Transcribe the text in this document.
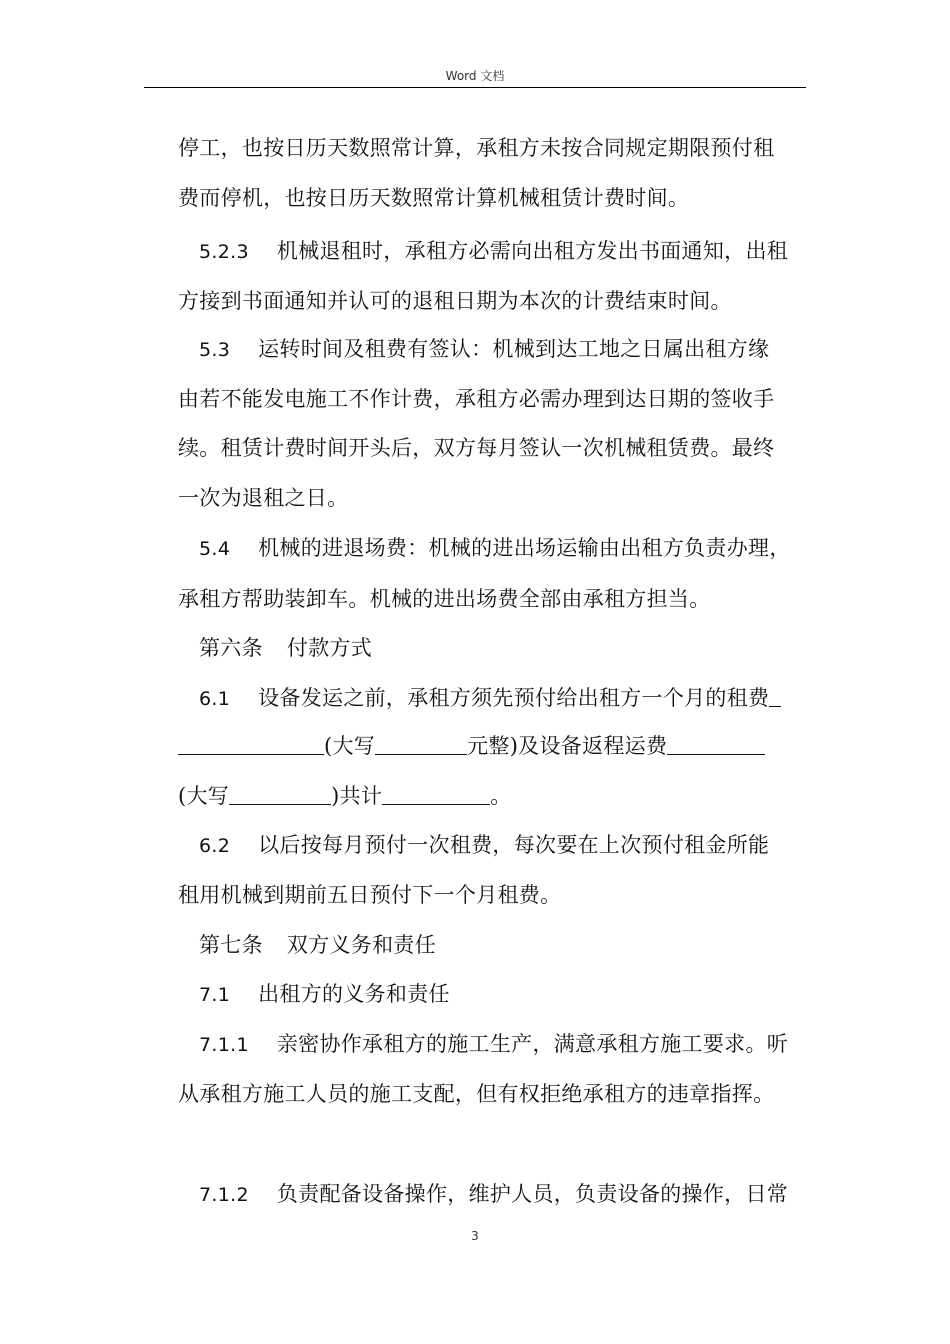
Word 文档
停工，也按日历天数照常计算，承租方未按合同规定期限预付租
费而停机，也按日历天数照常计算机械租赁计费时间。
5.2.3 机械退租时，承租方必需向出租方发出书面通知，出租
方接到书面通知并认可的退租日期为本次的计费结束时间。
5.3 运转时间及租费有签认：机械到达工地之日属出租方缘
由若不能发电施工不作计费，承租方必需办理到达日期的签收手
续。租赁计费时间开头后，双方每月签认一次机械租赁费。最终
一次为退租之日。
5.4 机械的进退场费：机械的进出场运输由出租方负责办理，
承租方帮助装卸车。机械的进出场费全部由承租方担当。
第六条 付款方式
6.1 设备发运之前，承租方须先预付给出租方一个月的租费
(大写	元整)及设备返程运费
(大写	)共计	。
6.2 以后按每月预付一次租费，每次要在上次预付租金所能
租用机械到期前五日预付下一个月租费。
第七条 双方义务和责任
7.1 出租方的义务和责任
7.1.1 亲密协作承租方的施工生产，满意承租方施工要求。听
从承租方施工人员的施工支配，但有权拒绝承租方的违章指挥。
7.1.2 负责配备设备操作，维护人员，负责设备的操作，日常
3
